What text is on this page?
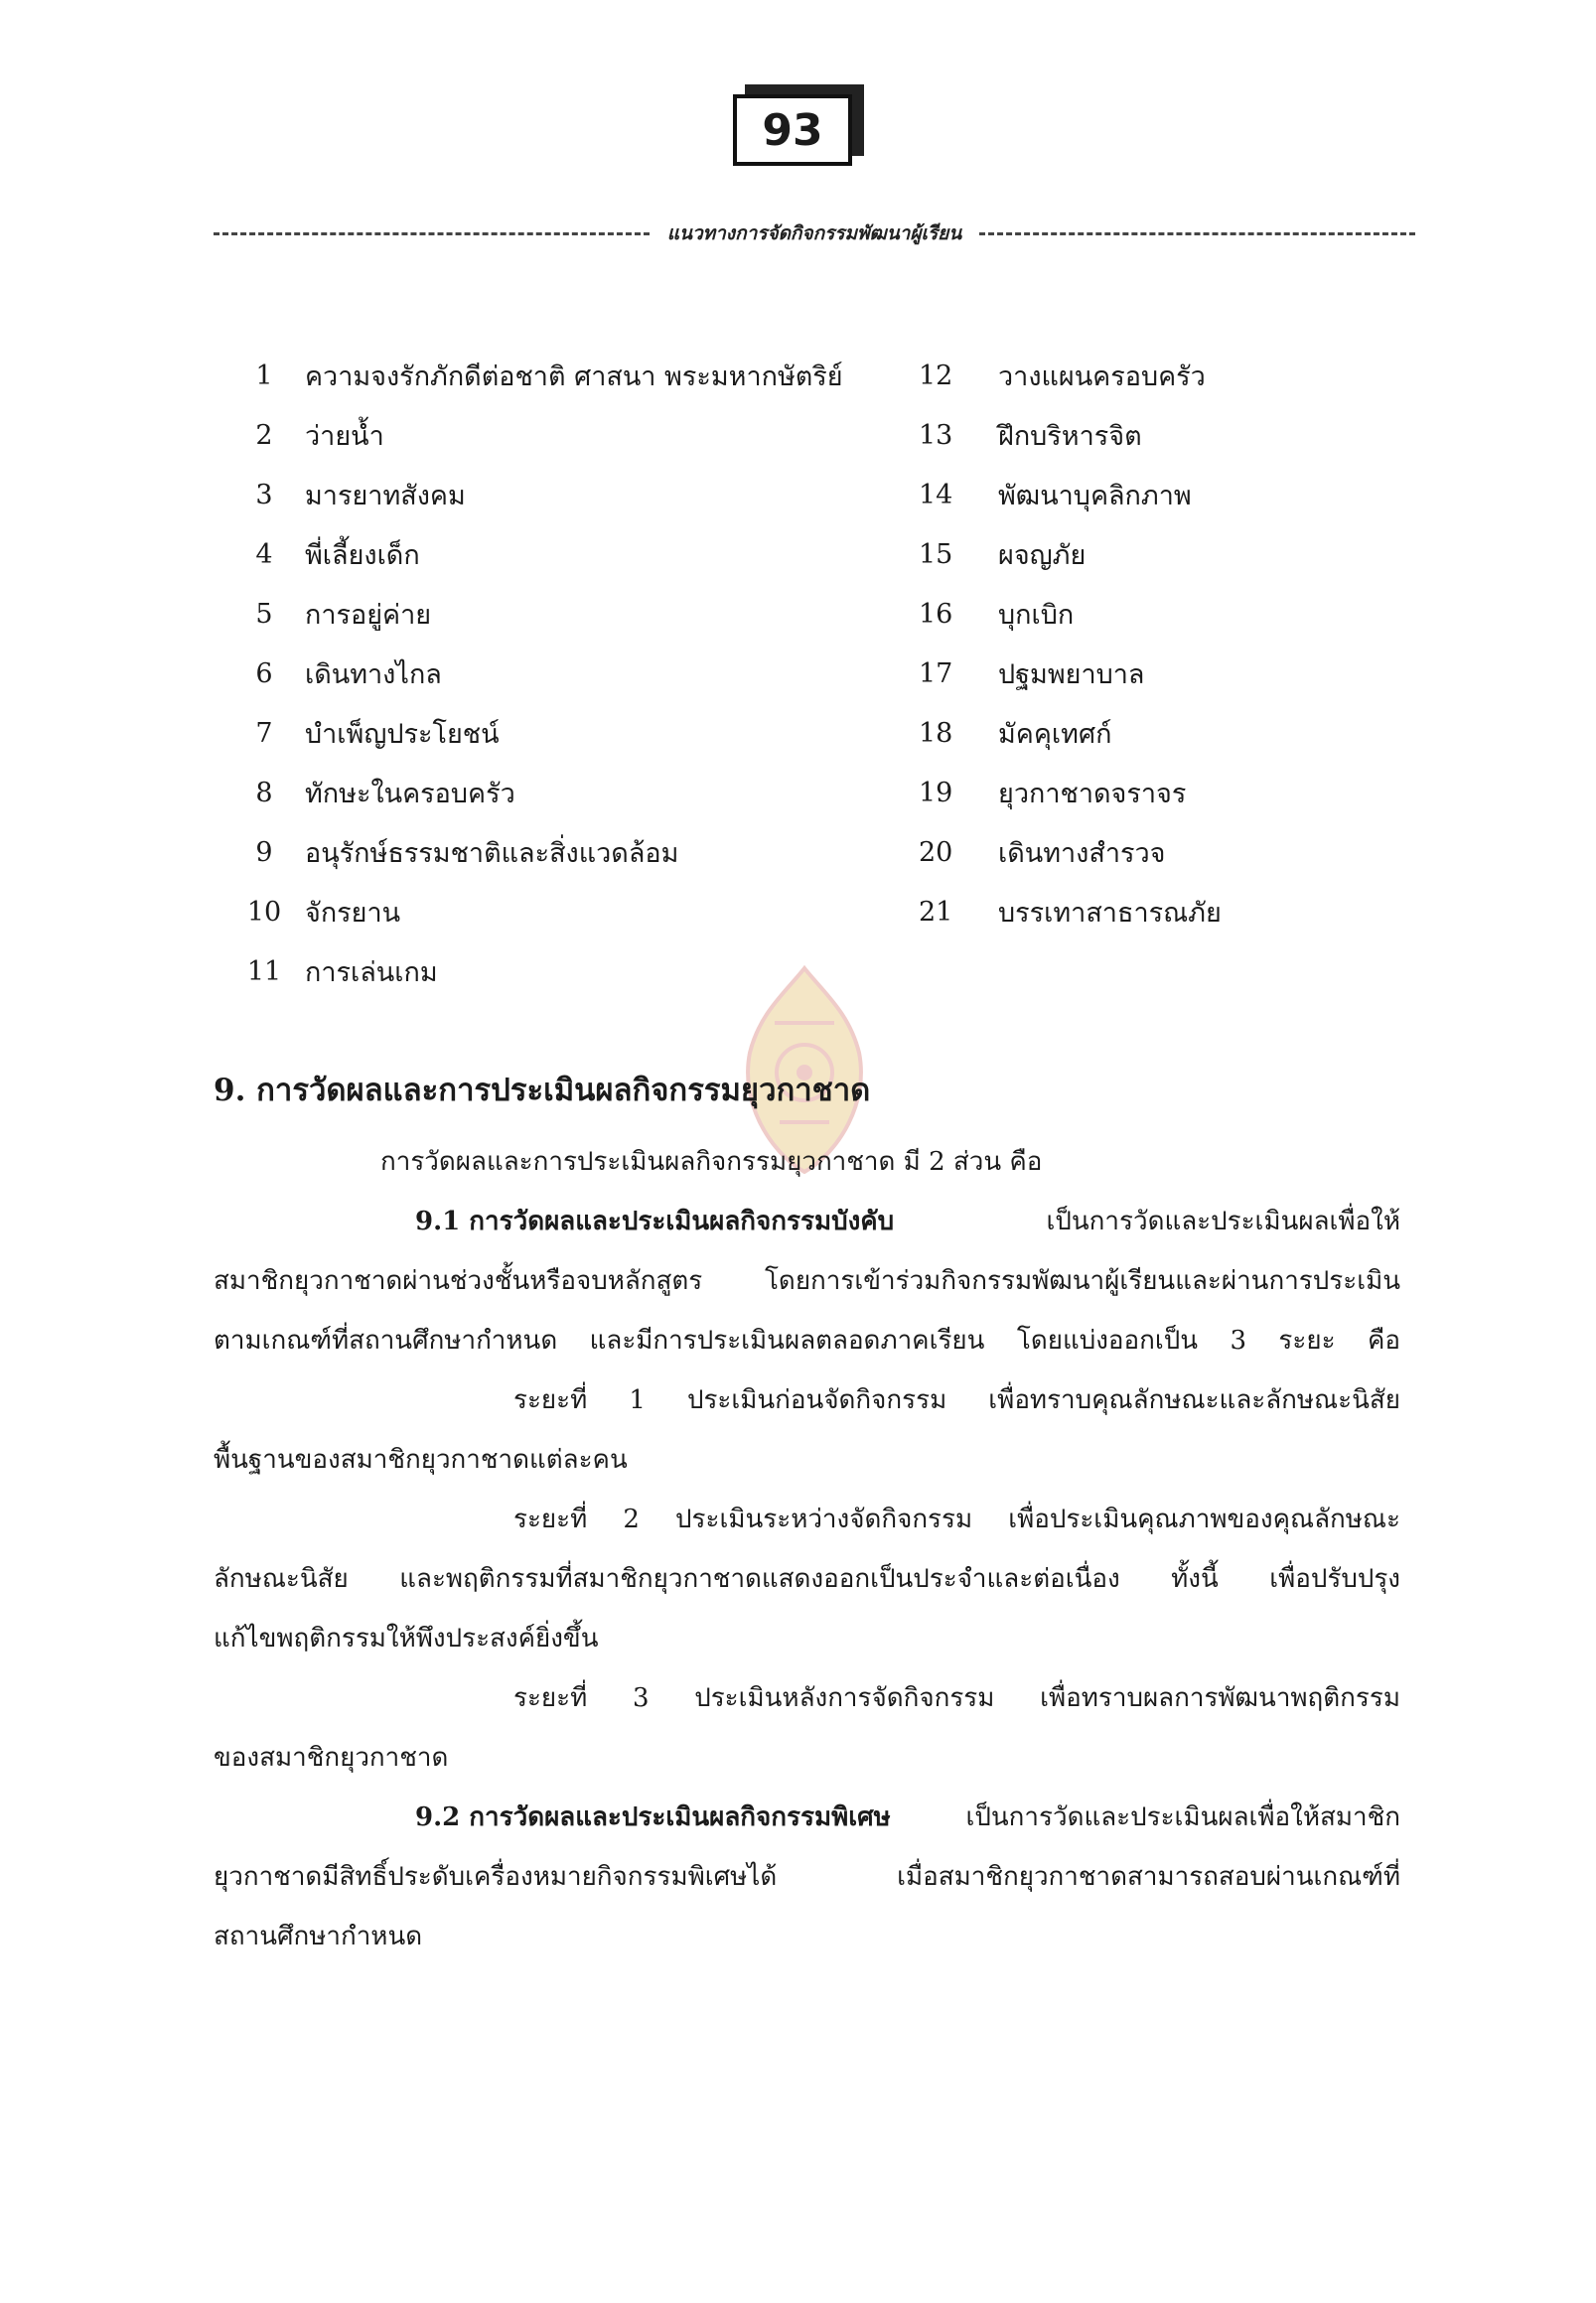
93
แนวทางการจัดกิจกรรมพัฒนาผู้เรียน
1	ความจงรักภักดีต่อชาติ ศาสนา พระมหากษัตริย์
2	ว่ายน้ำ
3	มารยาทสังคม
4	พี่เลี้ยงเด็ก
5	การอยู่ค่าย
6	เดินทางไกล
7	บำเพ็ญประโยชน์
8	ทักษะในครอบครัว
9	อนุรักษ์ธรรมชาติและสิ่งแวดล้อม
10 จักรยาน
11 การเล่นเกม
12	วางแผนครอบครัว
13	ฝึกบริหารจิต
14	พัฒนาบุคลิกภาพ
15	ผจญภัย
16	บุกเบิก
17	ปฐมพยาบาล
18	มัคคุเทศก์
19	ยุวกาชาดจราจร
20	เดินทางสำรวจ
21	บรรเทาสาธารณภัย
9. การวัดผลและการประเมินผลกิจกรรมยุวกาชาด
การวัดผลและการประเมินผลกิจกรรมยุวกาชาด มี 2 ส่วน คือ
9.1 การวัดผลและประเมินผลกิจกรรมบังคับ	เป็นการวัดและประเมินผลเพื่อให้
สมาชิกยุวกาชาดผ่านช่วงชั้นหรือจบหลักสูตร โดยการเข้าร่วมกิจกรรมพัฒนาผู้เรียนและผ่านการประเมิน
ตามเกณฑ์ที่สถานศึกษากำหนด และมีการประเมินผลตลอดภาคเรียน โดยแบ่งออกเป็น 3 ระยะ คือ
ระยะที่ 1 ประเมินก่อนจัดกิจกรรม เพื่อทราบคุณลักษณะและลักษณะนิสัย
พื้นฐานของสมาชิกยุวกาชาดแต่ละคน
ระยะที่ 2 ประเมินระหว่างจัดกิจกรรม เพื่อประเมินคุณภาพของคุณลักษณะ
ลักษณะนิสัย และพฤติกรรมที่สมาชิกยุวกาชาดแสดงออกเป็นประจำและต่อเนื่อง ทั้งนี้ เพื่อปรับปรุง
แก้ไขพฤติกรรมให้พึงประสงค์ยิ่งขึ้น
ระยะที่ 3 ประเมินหลังการจัดกิจกรรม เพื่อทราบผลการพัฒนาพฤติกรรม
ของสมาชิกยุวกาชาด
9.2 การวัดผลและประเมินผลกิจกรรมพิเศษ	เป็นการวัดและประเมินผลเพื่อให้สมาชิก
ยุวกาชาดมีสิทธิ์ประดับเครื่องหมายกิจกรรมพิเศษได้ เมื่อสมาชิกยุวกาชาดสามารถสอบผ่านเกณฑ์ที่
สถานศึกษากำหนด
